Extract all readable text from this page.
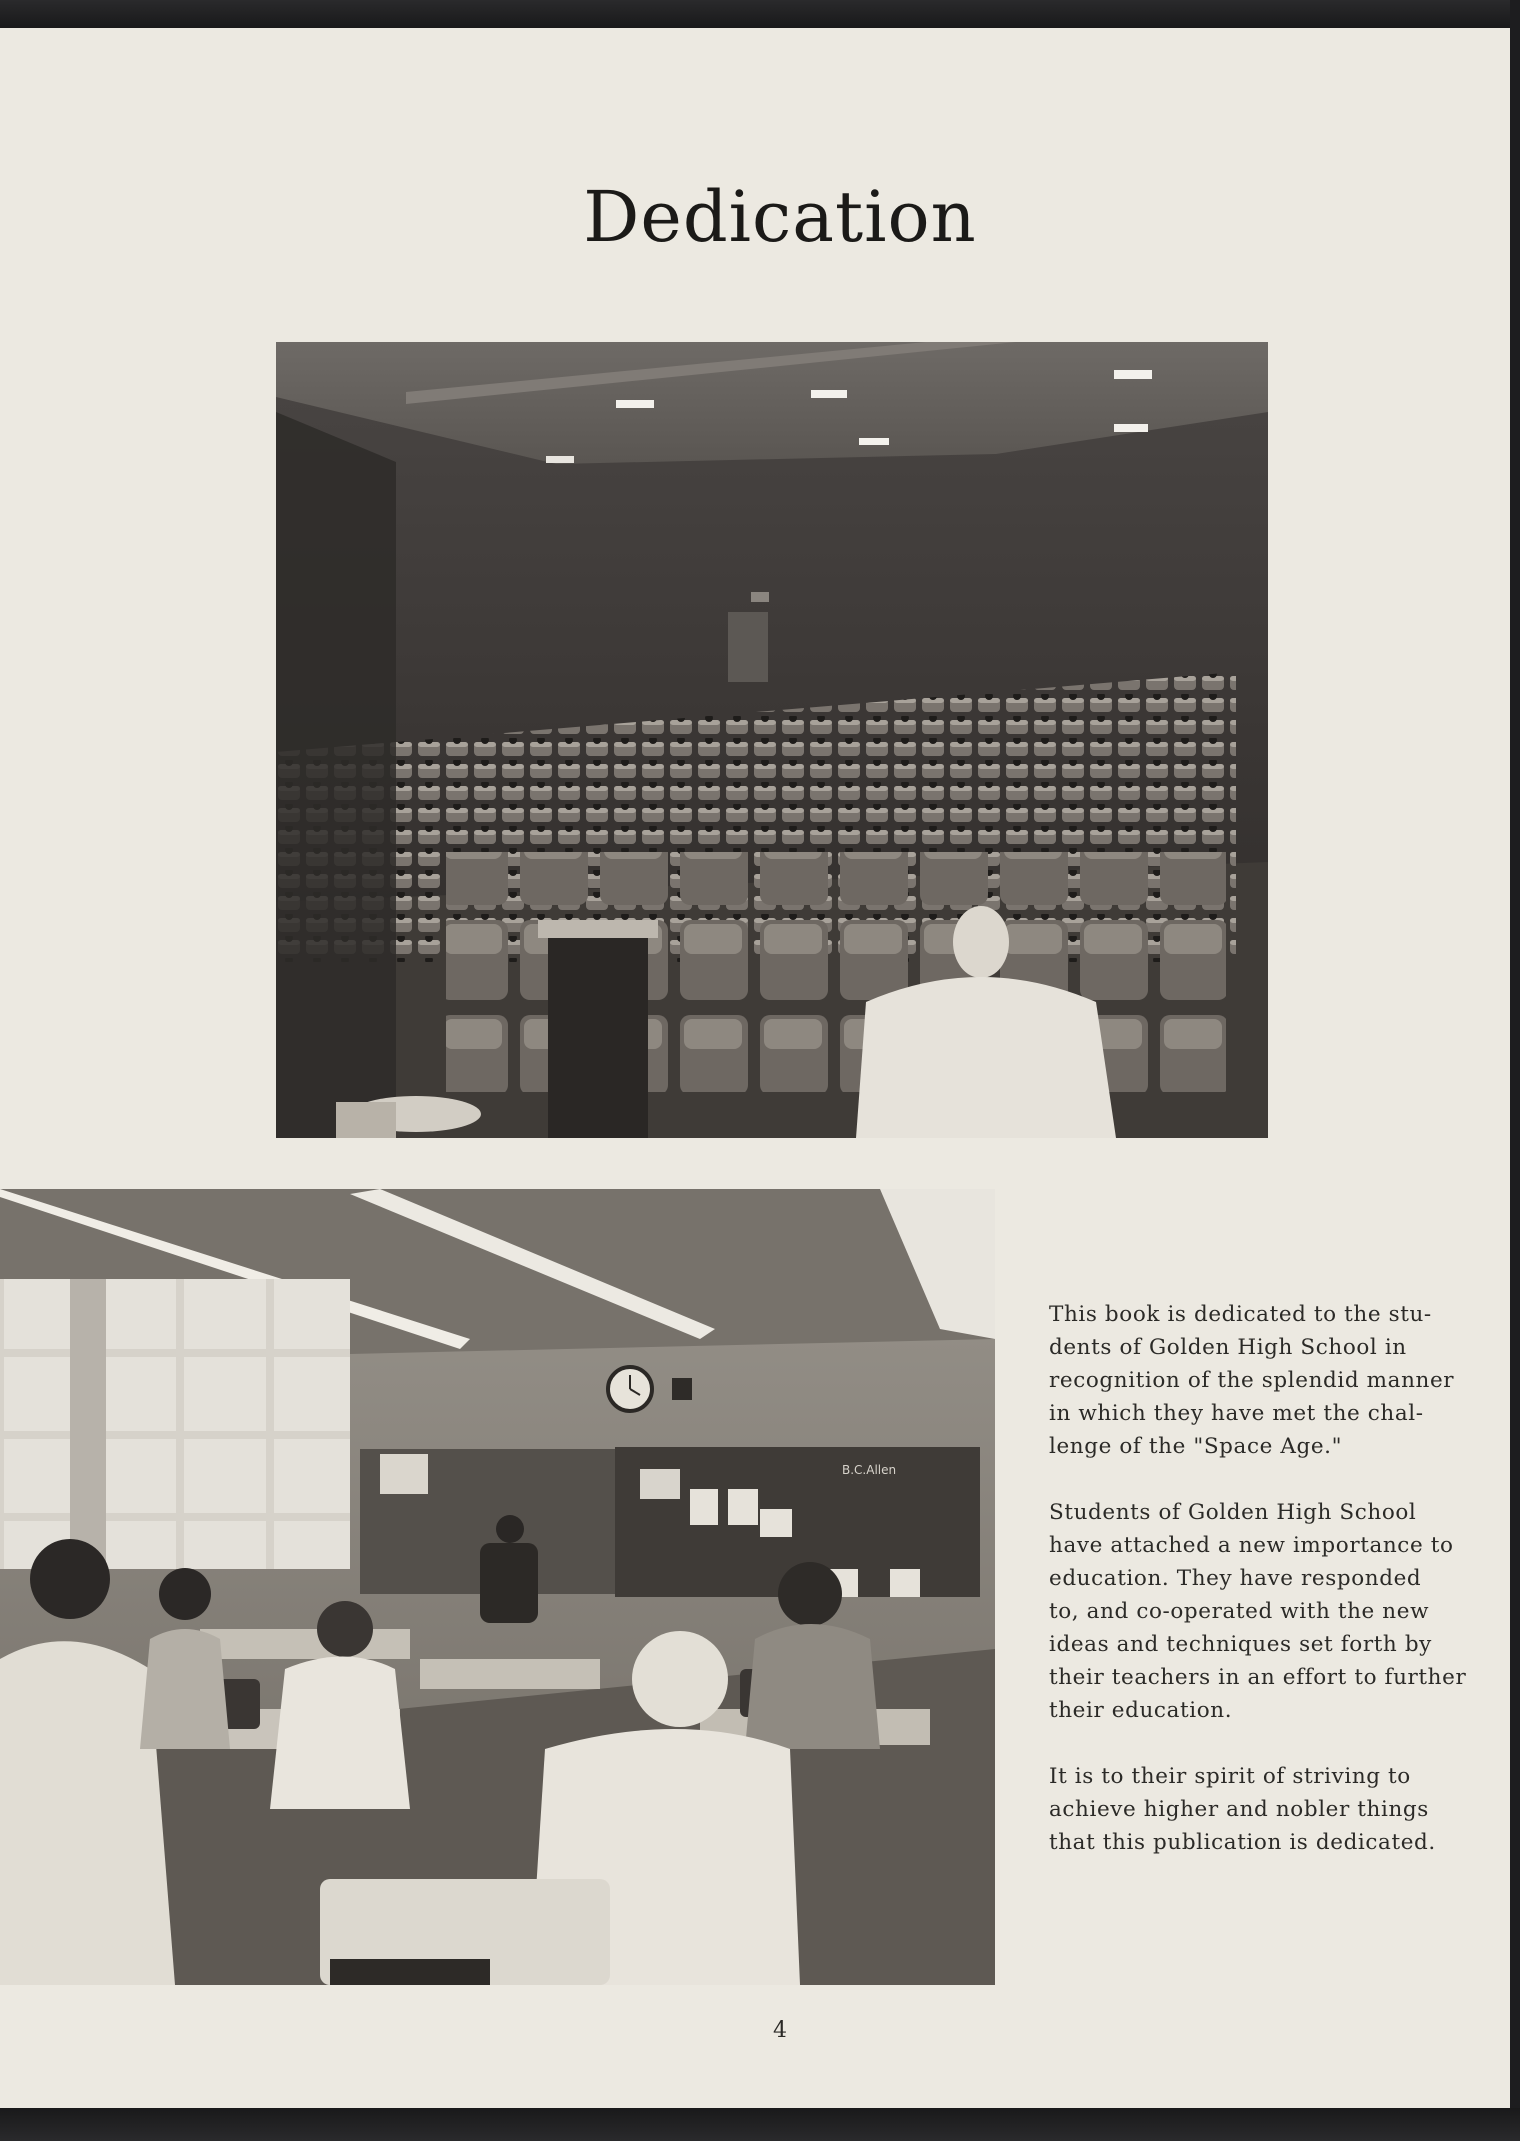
Dedication
B.C.Allen

This book is dedicated to the stu-
dents of Golden High School in
recognition of the splendid manner
in which they have met the chal-
lenge of the "Space Age."

Students of Golden High School
have attached a new importance to
education. They have responded
to, and co-operated with the new
ideas and techniques set forth by
their teachers in an effort to further
their education.

It is to their spirit of striving to
achieve higher and nobler things
that this publication is dedicated.

4
